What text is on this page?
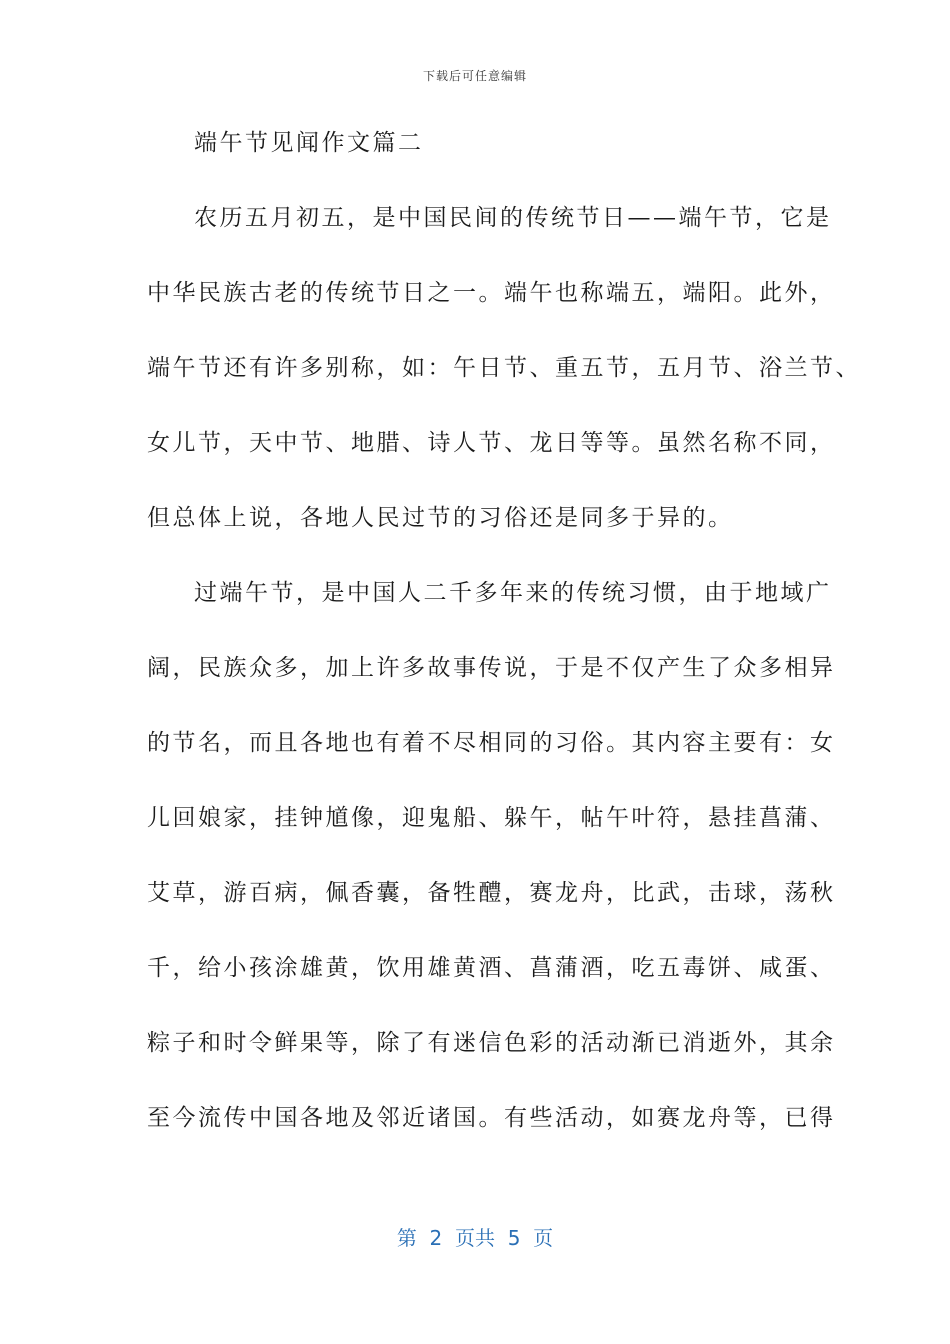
下载后可任意编辑
端午节见闻作文篇二
农历五月初五，是中国民间的传统节日——端午节，它是
中华民族古老的传统节日之一。端午也称端五，端阳。此外，
端午节还有许多别称，如：午日节、重五节，五月节、浴兰节、
女儿节，天中节、地腊、诗人节、龙日等等。虽然名称不同，
但总体上说，各地人民过节的习俗还是同多于异的。
过端午节，是中国人二千多年来的传统习惯，由于地域广
阔，民族众多，加上许多故事传说，于是不仅产生了众多相异
的节名，而且各地也有着不尽相同的习俗。其内容主要有：女
儿回娘家，挂钟馗像，迎鬼船、躲午，帖午叶符，悬挂菖蒲、
艾草，游百病，佩香囊，备牲醴，赛龙舟，比武，击球，荡秋
千，给小孩涂雄黄，饮用雄黄酒、菖蒲酒，吃五毒饼、咸蛋、
粽子和时令鲜果等，除了有迷信色彩的活动渐已消逝外，其余
至今流传中国各地及邻近诸国。有些活动，如赛龙舟等，已得
第  2  页共  5  页
